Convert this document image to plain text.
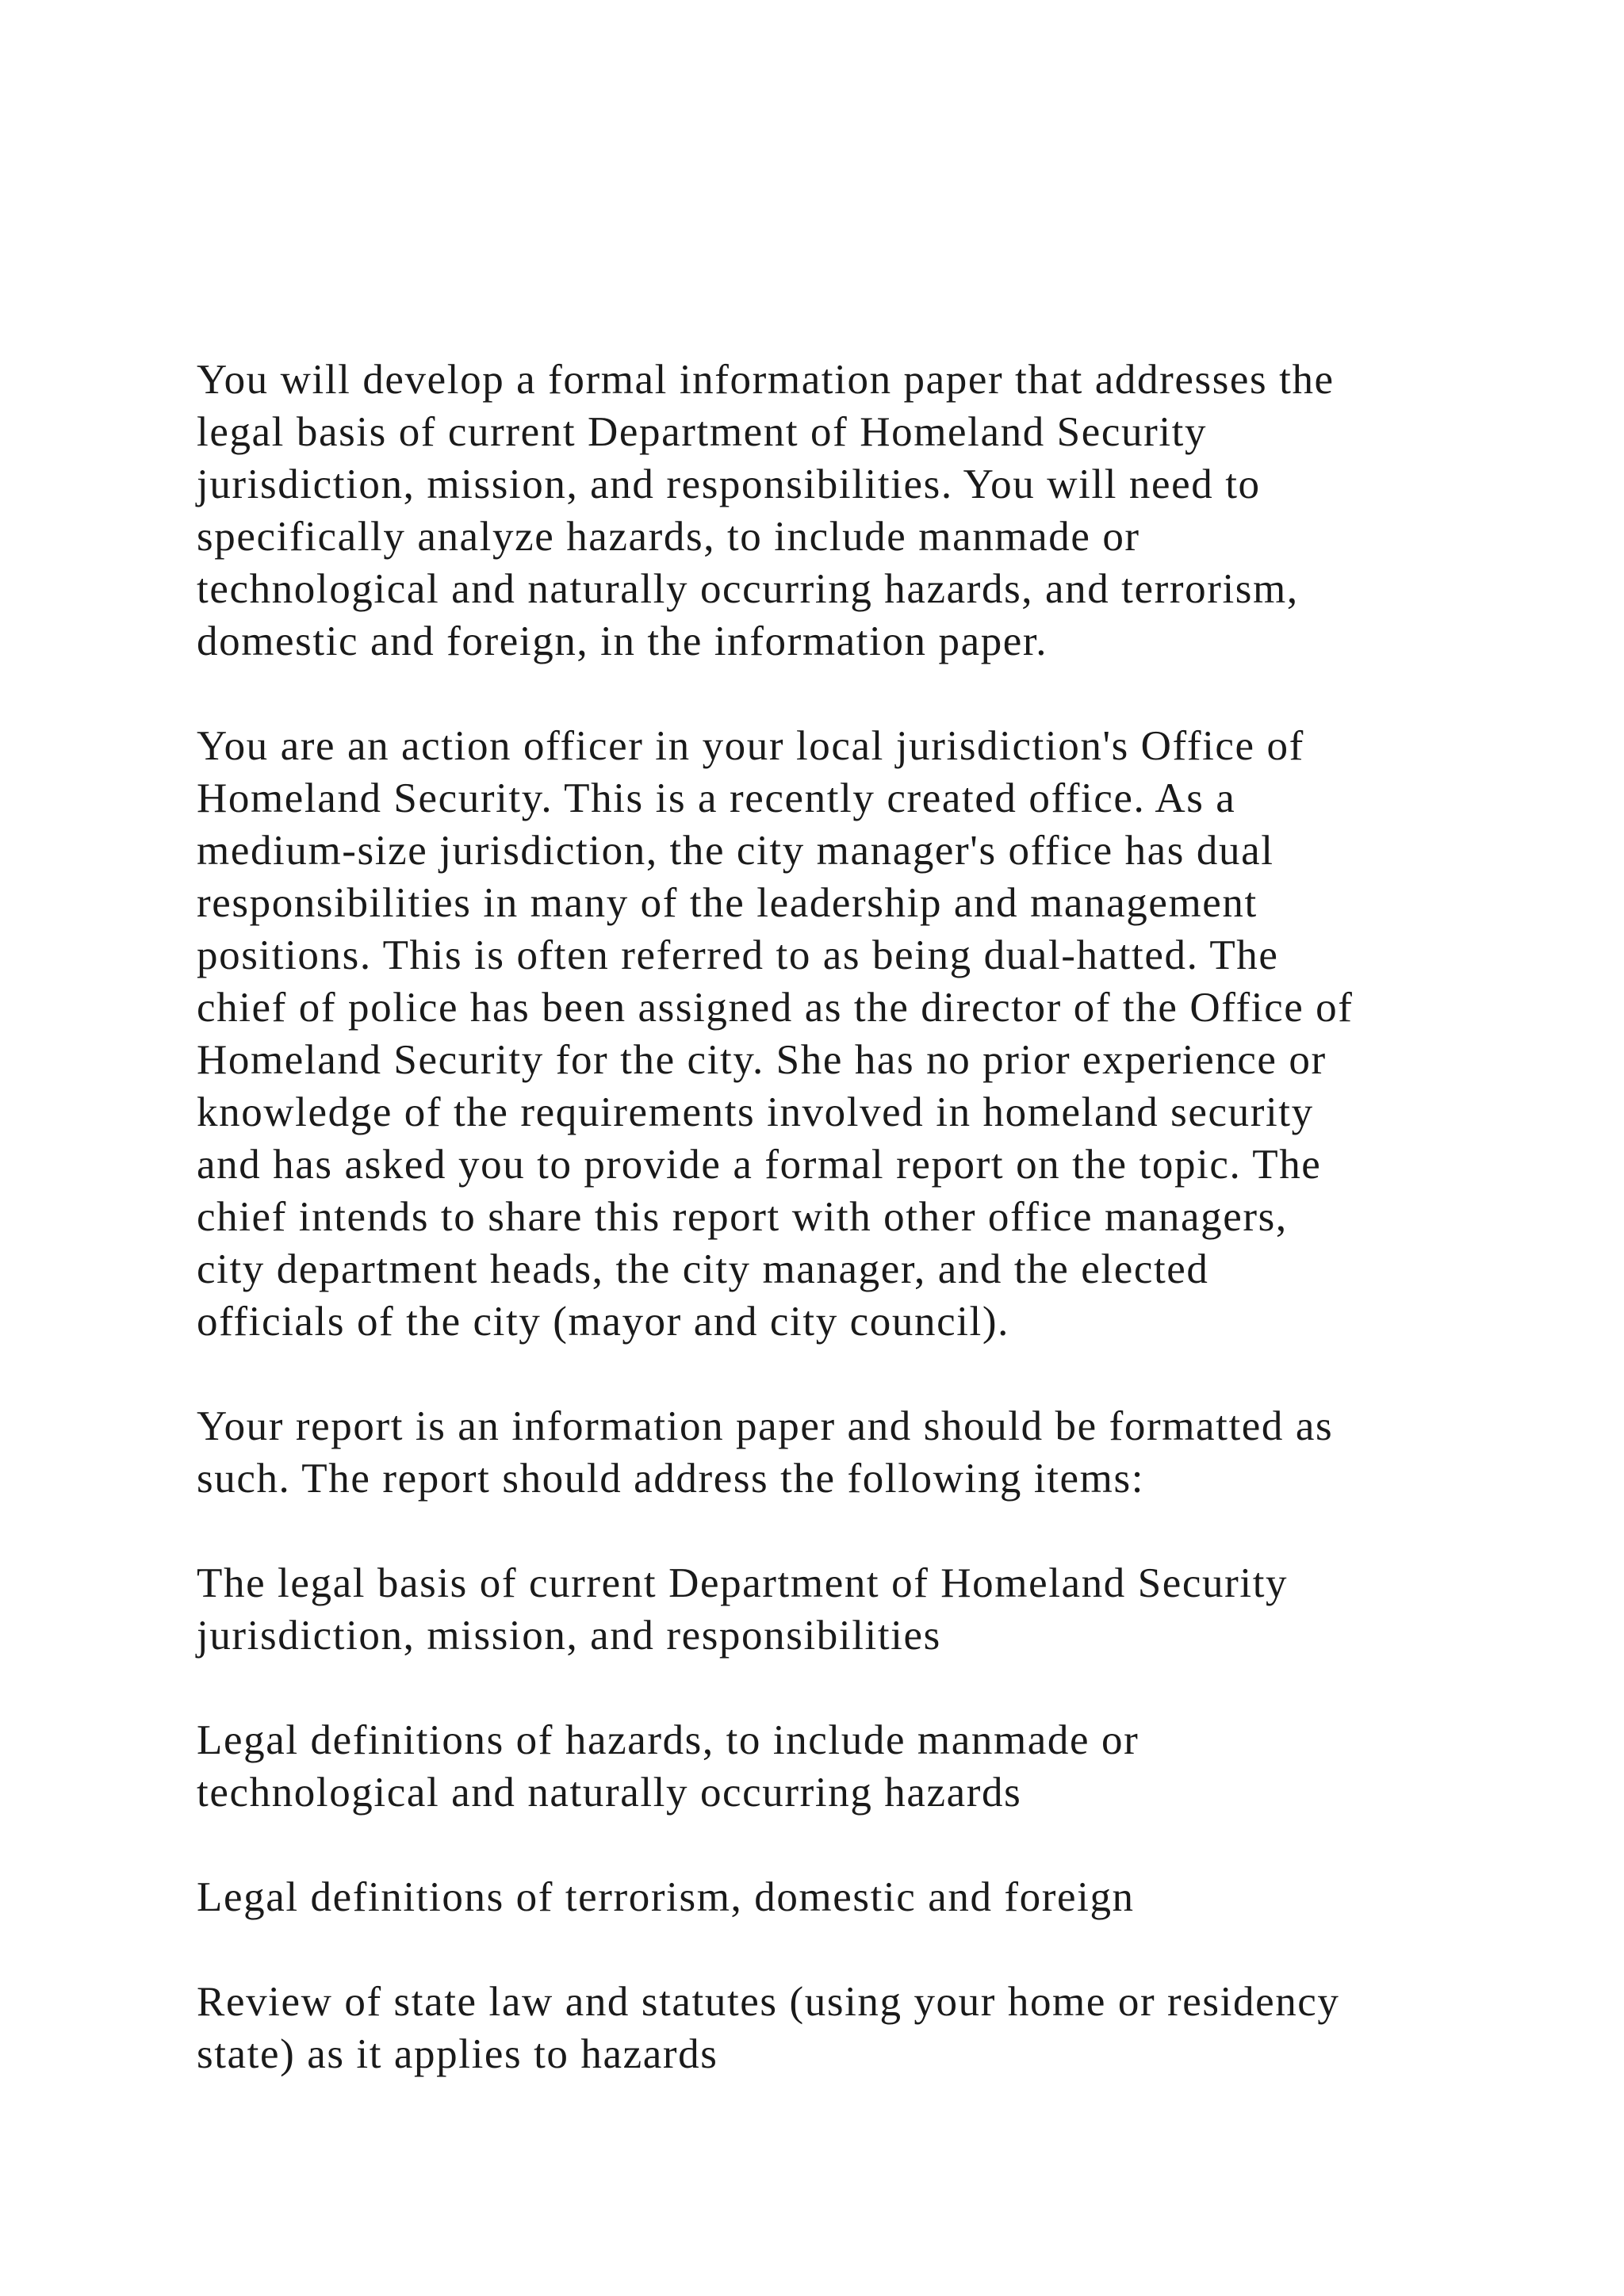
You will develop a formal information paper that addresses the
legal basis of current Department of Homeland Security
jurisdiction, mission, and responsibilities. You will need to
specifically analyze hazards, to include manmade or
technological and naturally occurring hazards, and terrorism,
domestic and foreign, in the information paper.
You are an action officer in your local jurisdiction's Office of
Homeland Security. This is a recently created office. As a
medium-size jurisdiction, the city manager's office has dual
responsibilities in many of the leadership and management
positions. This is often referred to as being dual-hatted. The
chief of police has been assigned as the director of the Office of
Homeland Security for the city. She has no prior experience or
knowledge of the requirements involved in homeland security
and has asked you to provide a formal report on the topic. The
chief intends to share this report with other office managers,
city department heads, the city manager, and the elected
officials of the city (mayor and city council).
Your report is an information paper and should be formatted as
such. The report should address the following items:
The legal basis of current Department of Homeland Security
jurisdiction, mission, and responsibilities
Legal definitions of hazards, to include manmade or
technological and naturally occurring hazards
Legal definitions of terrorism, domestic and foreign
Review of state law and statutes (using your home or residency
state) as it applies to hazards
